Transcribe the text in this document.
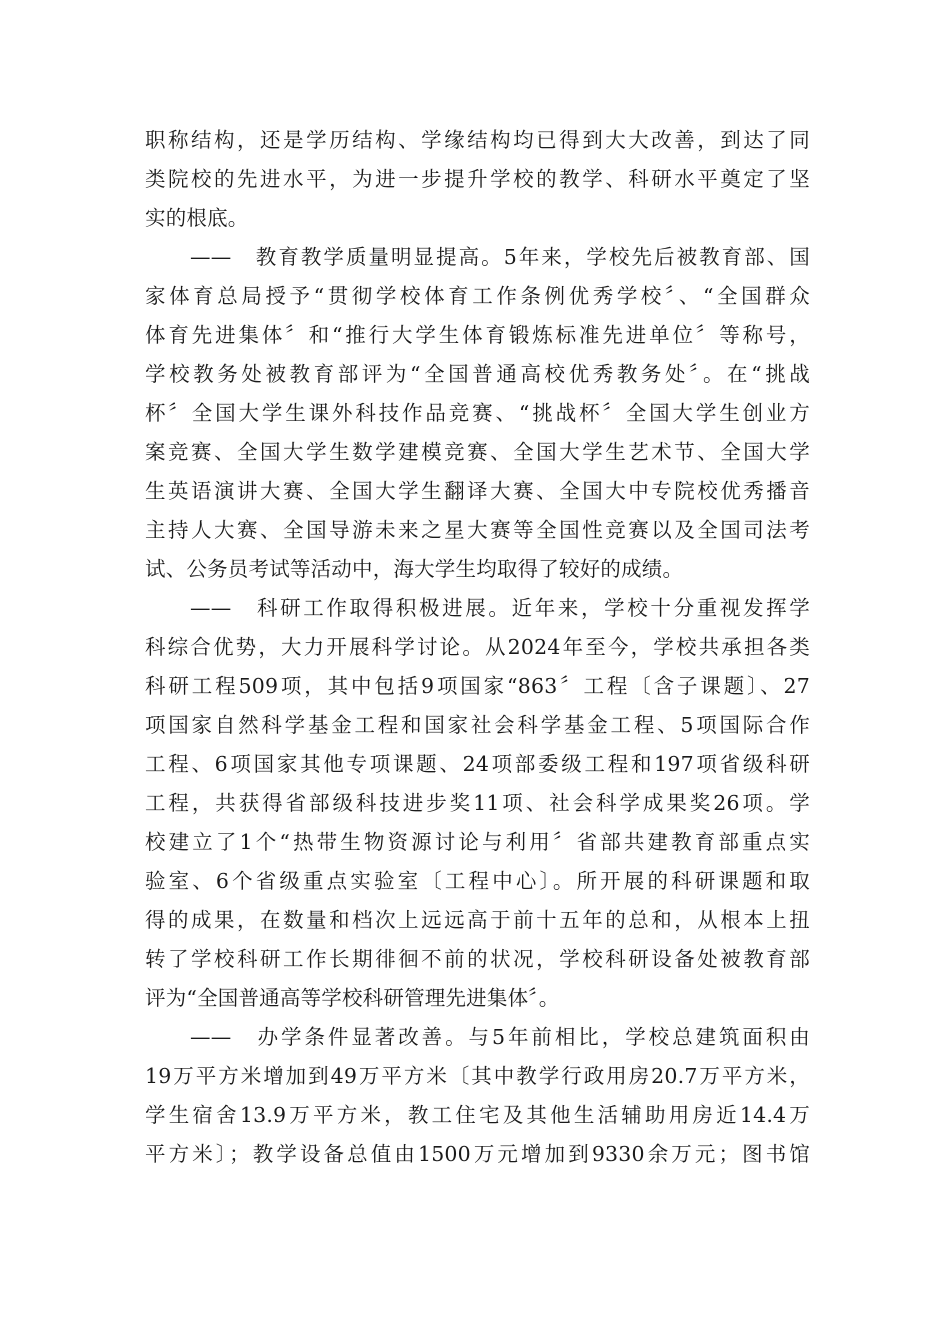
职称结构，还是学历结构、学缘结构均已得到大大改善，到达了同
类院校的先进水平，为进一步提升学校的教学、科研水平奠定了坚
实的根底。
——　教育教学质量明显提高。5年来，学校先后被教育部、国
家体育总局授予“贯彻学校体育工作条例优秀学校〞、“全国群众
体育先进集体〞和“推行大学生体育锻炼标准先进单位〞等称号，
学校教务处被教育部评为“全国普通高校优秀教务处〞。在“挑战
杯〞全国大学生课外科技作品竞赛、“挑战杯〞全国大学生创业方
案竞赛、全国大学生数学建模竞赛、全国大学生艺术节、全国大学
生英语演讲大赛、全国大学生翻译大赛、全国大中专院校优秀播音
主持人大赛、全国导游未来之星大赛等全国性竞赛以及全国司法考
试、公务员考试等活动中，海大学生均取得了较好的成绩。
——　科研工作取得积极进展。近年来，学校十分重视发挥学
科综合优势，大力开展科学讨论。从2024年至今，学校共承担各类
科研工程509项，其中包括9项国家“863〞工程〔含子课题〕、27
项国家自然科学基金工程和国家社会科学基金工程、5项国际合作
工程、6项国家其他专项课题、24项部委级工程和197项省级科研
工程，共获得省部级科技进步奖11项、社会科学成果奖26项。学
校建立了1个“热带生物资源讨论与利用〞省部共建教育部重点实
验室、6个省级重点实验室〔工程中心〕。所开展的科研课题和取
得的成果，在数量和档次上远远高于前十五年的总和，从根本上扭
转了学校科研工作长期徘徊不前的状况，学校科研设备处被教育部
评为“全国普通高等学校科研管理先进集体〞。
——　办学条件显著改善。与5年前相比，学校总建筑面积由
19万平方米增加到49万平方米〔其中教学行政用房20.7万平方米，
学生宿舍13.9万平方米，教工住宅及其他生活辅助用房近14.4万
平方米〕；教学设备总值由1500万元增加到9330余万元；图书馆
